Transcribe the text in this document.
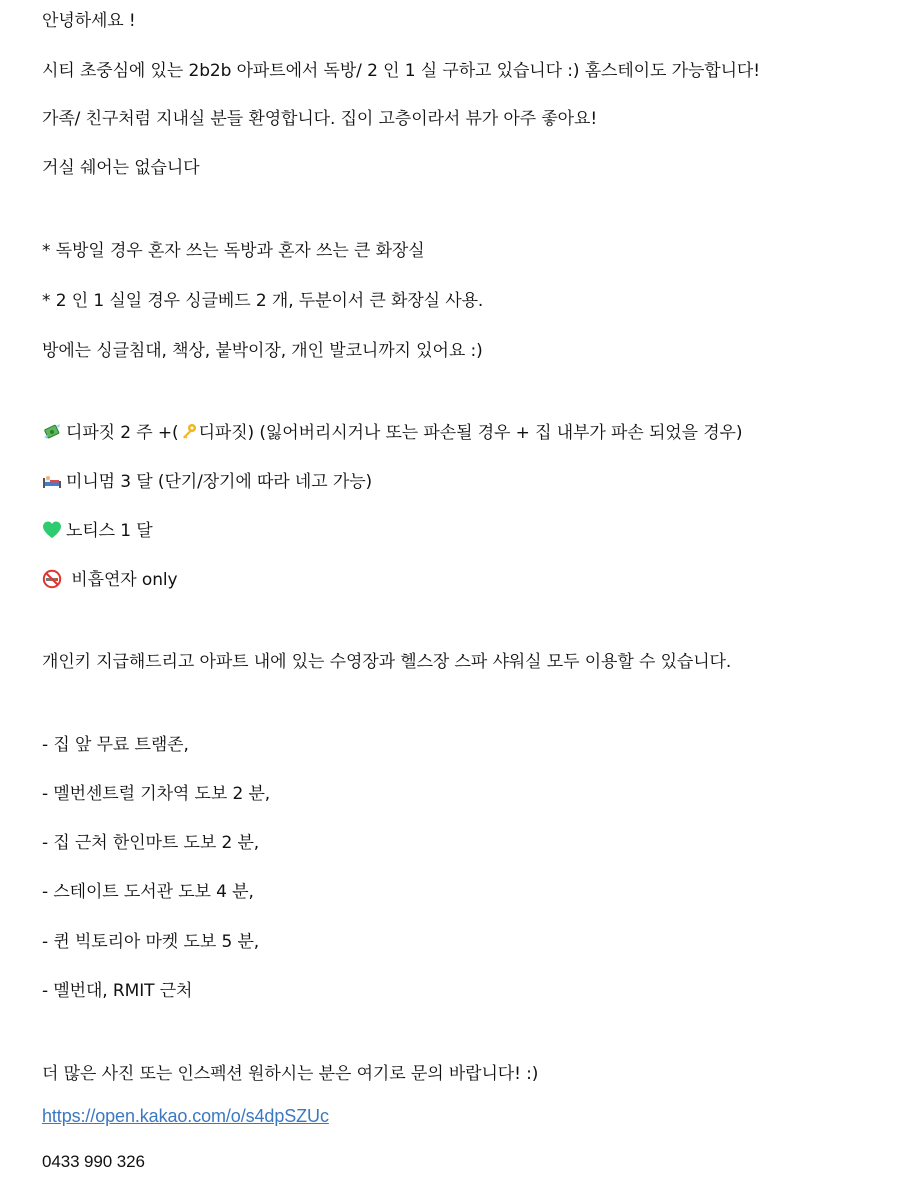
안녕하세요 !
시티 초중심에 있는 2b2b 아파트에서 독방/ 2 인 1 실 구하고 있습니다 :) 홈스테이도 가능합니다!
가족/ 친구처럼 지내실 분들 환영합니다. 집이 고층이라서 뷰가 아주 좋아요!
거실 쉐어는 없습니다
* 독방일 경우 혼자 쓰는 독방과 혼자 쓰는 큰 화장실
* 2 인 1 실일 경우 싱글베드 2 개, 두분이서 큰 화장실 사용.
방에는 싱글침대, 책상, 붙박이장, 개인 발코니까지 있어요 :)
디파짓 2 주 +( 디파짓) (잃어버리시거나 또는 파손될 경우 + 집 내부가 파손 되었을 경우)
미니멈 3 달 (단기/장기에 따라 네고 가능)
노티스 1 달
비흡연자 only
개인키 지급해드리고 아파트 내에 있는 수영장과 헬스장 스파 샤워실 모두 이용할 수 있습니다.
- 집 앞 무료 트램존,
- 멜번센트럴 기차역 도보 2 분,
- 집 근처 한인마트 도보 2 분,
- 스테이트 도서관 도보 4 분,
- 퀸 빅토리아 마켓 도보 5 분,
- 멜번대, RMIT 근처
더 많은 사진 또는 인스펙션 원하시는 분은 여기로 문의 바랍니다! :)
https://open.kakao.com/o/s4dpSZUc
0433 990 326
